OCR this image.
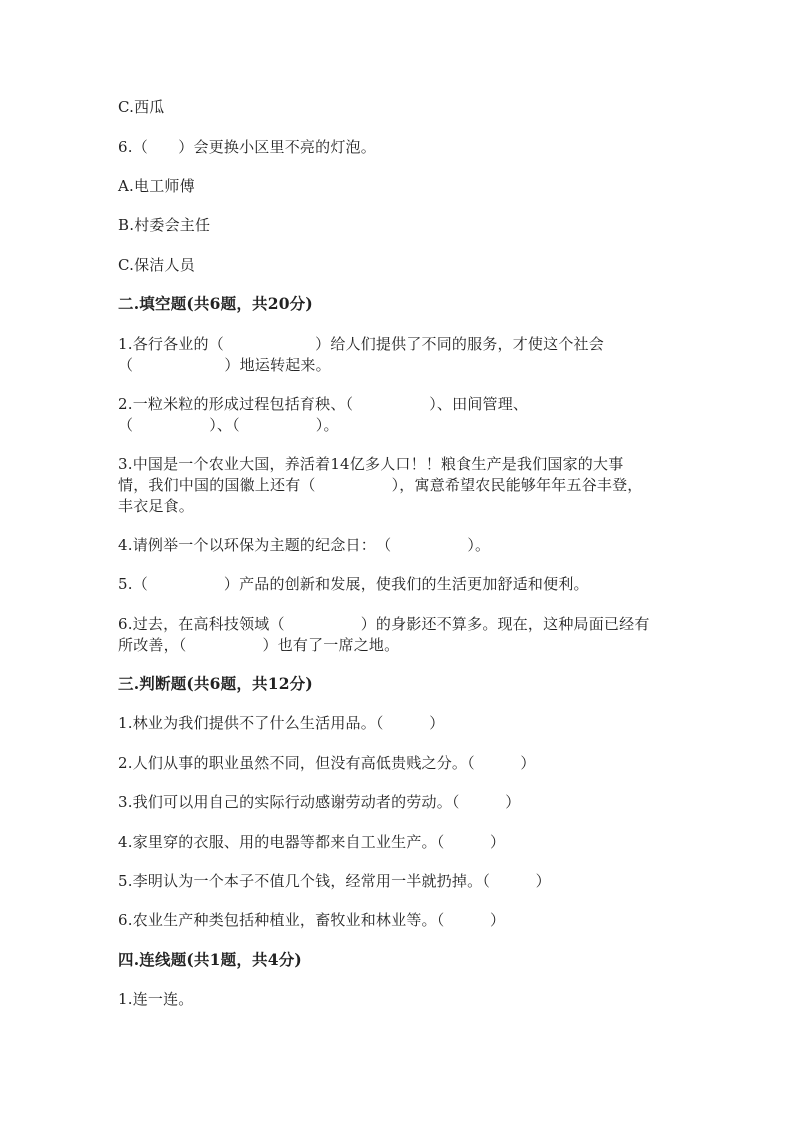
C.西瓜
6.（　　）会更换小区里不亮的灯泡。
A.电工师傅
B.村委会主任
C.保洁人员
二.填空题(共6题，共20分)
1.各行各业的（　　　　　　）给人们提供了不同的服务，才使这个社会
（　　　　　　）地运转起来。
2.一粒米粒的形成过程包括育秧、（　　　　　）、田间管理、
（　　　　　）、（　　　　　）。
3.中国是一个农业大国，养活着14亿多人口！！粮食生产是我们国家的大事
情，我们中国的国徽上还有（　　　　　），寓意希望农民能够年年五谷丰登，
丰衣足食。
4.请例举一个以环保为主题的纪念日：　（　　　　　）。
5.（　　　　　）产品的创新和发展，使我们的生活更加舒适和便利。
6.过去，在高科技领域（　　　　　）的身影还不算多。现在，这种局面已经有
所改善，（　　　　　）也有了一席之地。
三.判断题(共6题，共12分)
1.林业为我们提供不了什么生活用品。（　　　）
2.人们从事的职业虽然不同，但没有高低贵贱之分。（　　　）
3.我们可以用自己的实际行动感谢劳动者的劳动。（　　　）
4.家里穿的衣服、用的电器等都来自工业生产。（　　　）
5.李明认为一个本子不值几个钱，经常用一半就扔掉。（　　　）
6.农业生产种类包括种植业，畜牧业和林业等。（　　　）
四.连线题(共1题，共4分)
1.连一连。
